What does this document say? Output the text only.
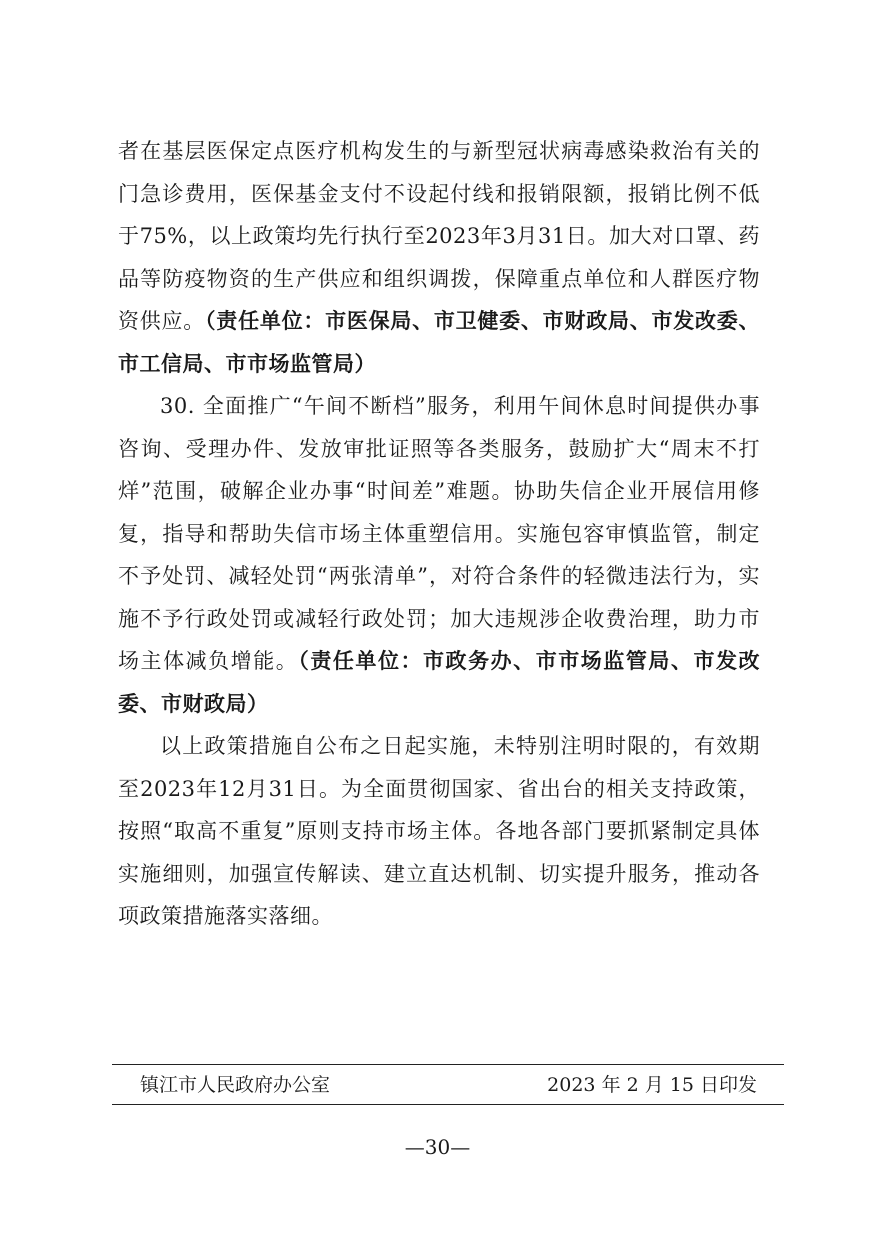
者在基层医保定点医疗机构发生的与新型冠状病毒感染救治有关的门急诊费用，医保基金支付不设起付线和报销限额，报销比例不低于75%，以上政策均先行执行至2023年3月31日。加大对口罩、药品等防疫物资的生产供应和组织调拨，保障重点单位和人群医疗物资供应。（责任单位：市医保局、市卫健委、市财政局、市发改委、市工信局、市市场监管局）

30. 全面推广“午间不断档”服务，利用午间休息时间提供办事咨询、受理办件、发放审批证照等各类服务，鼓励扩大“周末不打烊”范围，破解企业办事“时间差”难题。协助失信企业开展信用修复，指导和帮助失信市场主体重塑信用。实施包容审慎监管，制定不予处罚、减轻处罚“两张清单”，对符合条件的轻微违法行为，实施不予行政处罚或减轻行政处罚；加大违规涉企收费治理，助力市场主体减负增能。（责任单位：市政务办、市市场监管局、市发改委、市财政局）

以上政策措施自公布之日起实施，未特别注明时限的，有效期至2023年12月31日。为全面贯彻国家、省出台的相关支持政策，按照“取高不重复”原则支持市场主体。各地各部门要抓紧制定具体实施细则，加强宣传解读、建立直达机制、切实提升服务，推动各项政策措施落实落细。

镇江市人民政府办公室	2023 年 2 月 15 日印发
—30—
